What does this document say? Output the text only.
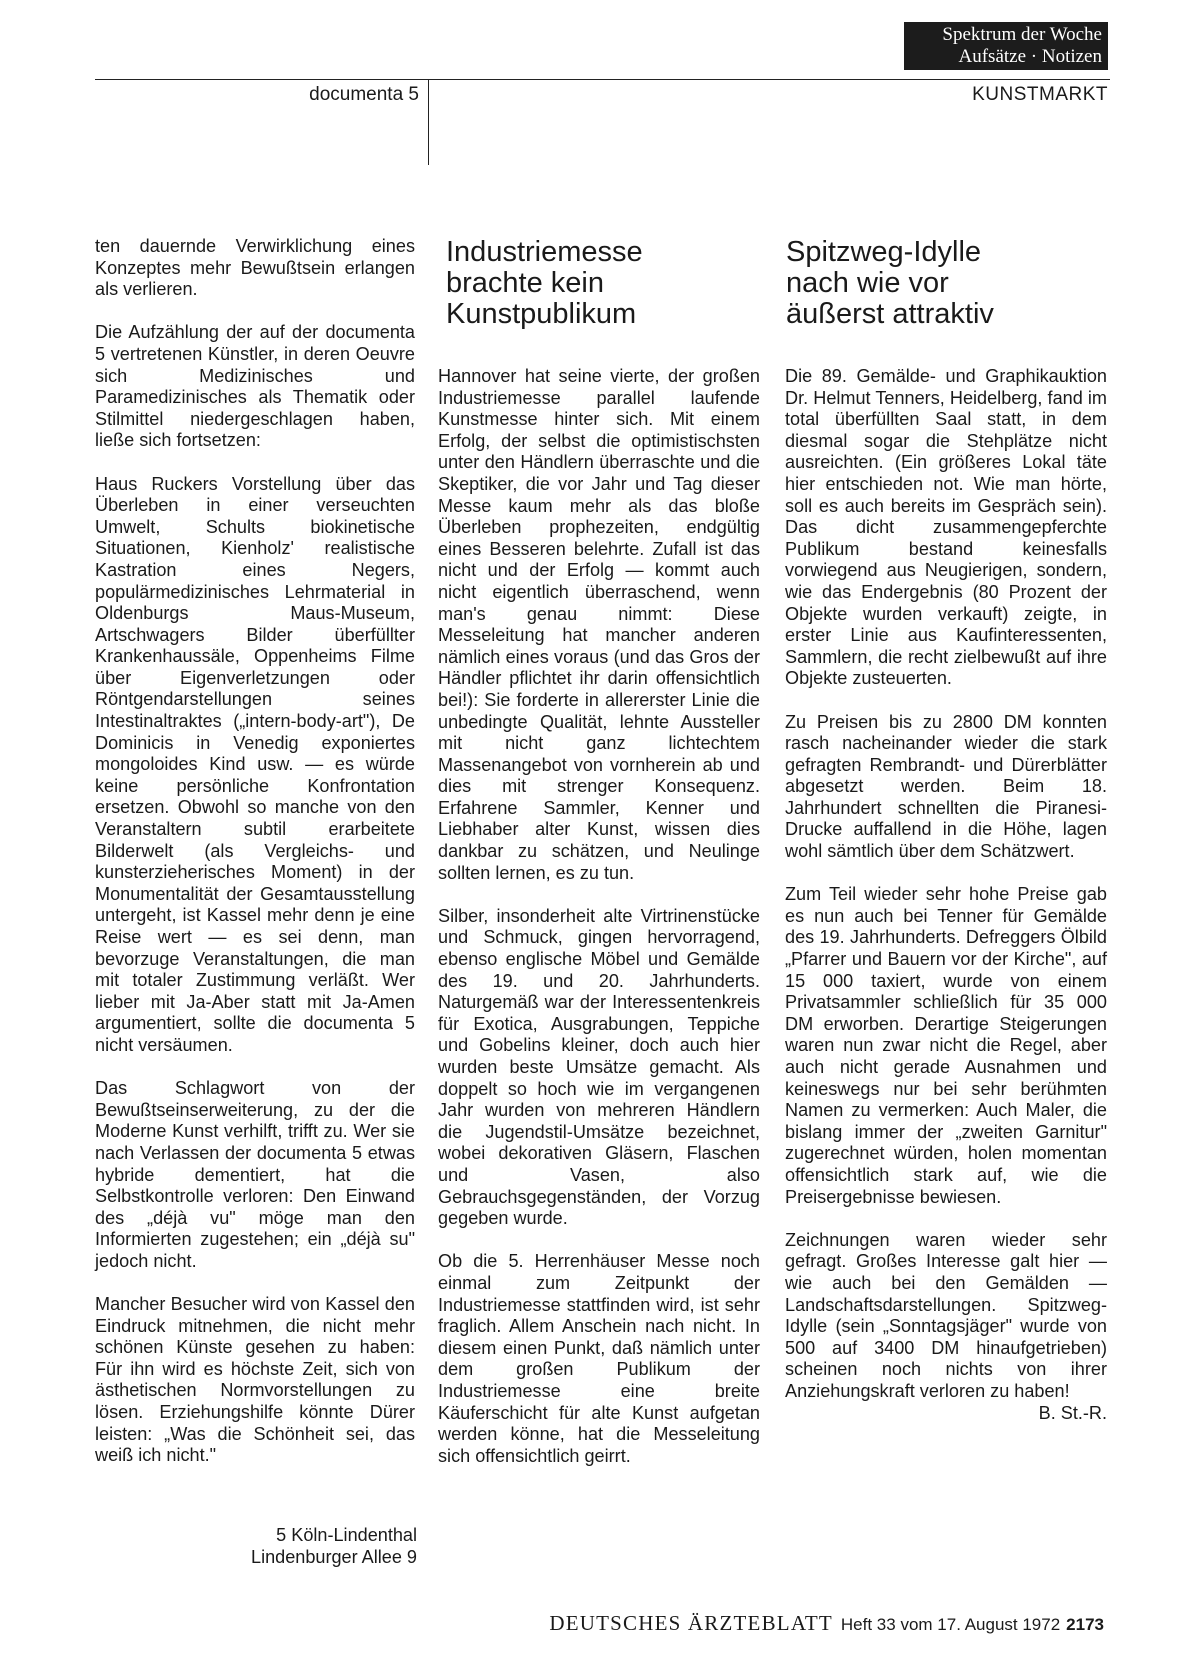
Spektrum der Woche
Aufsätze · Notizen
documenta 5	KUNSTMARKT

ten dauernde Verwirklichung eines Konzeptes mehr Bewußtsein erlangen als verlieren.

Die Aufzählung der auf der documenta 5 vertretenen Künstler, in deren Oeuvre sich Medizinisches und Paramedizinisches als Thematik oder Stilmittel niedergeschlagen haben, ließe sich fortsetzen:

Haus Ruckers Vorstellung über das Überleben in einer verseuchten Umwelt, Schults biokinetische Situationen, Kienholz' realistische Kastration eines Negers, populärmedizinisches Lehrmaterial in Oldenburgs Maus-Museum, Artschwagers Bilder überfüllter Krankenhaussäle, Oppenheims Filme über Eigenverletzungen oder Röntgendarstellungen seines Intestinaltraktes („intern-body-art"), De Dominicis in Venedig exponiertes mongoloides Kind usw. — es würde keine persönliche Konfrontation ersetzen. Obwohl so manche von den Veranstaltern subtil erarbeitete Bilderwelt (als Vergleichs- und kunsterzieherisches Moment) in der Monumentalität der Gesamtausstellung untergeht, ist Kassel mehr denn je eine Reise wert — es sei denn, man bevorzuge Veranstaltungen, die man mit totaler Zustimmung verläßt. Wer lieber mit Ja-Aber statt mit Ja-Amen argumentiert, sollte die documenta 5 nicht versäumen.

Das Schlagwort von der Bewußtseinserweiterung, zu der die Moderne Kunst verhilft, trifft zu. Wer sie nach Verlassen der documenta 5 etwas hybride dementiert, hat die Selbstkontrolle verloren: Den Einwand des „déjà vu" möge man den Informierten zugestehen; ein „déjà su" jedoch nicht.

Mancher Besucher wird von Kassel den Eindruck mitnehmen, die nicht mehr schönen Künste gesehen zu haben: Für ihn wird es höchste Zeit, sich von ästhetischen Normvorstellungen zu lösen. Erziehungshilfe könnte Dürer leisten: „Was die Schönheit sei, das weiß ich nicht."

5 Köln-Lindenthal
Lindenburger Allee 9
Industriemesse
brachte kein
Kunstpublikum

Hannover hat seine vierte, der großen Industriemesse parallel laufende Kunstmesse hinter sich. Mit einem Erfolg, der selbst die optimistischsten unter den Händlern überraschte und die Skeptiker, die vor Jahr und Tag dieser Messe kaum mehr als das bloße Überleben prophezeiten, endgültig eines Besseren belehrte. Zufall ist das nicht und der Erfolg — kommt auch nicht eigentlich überraschend, wenn man's genau nimmt: Diese Messeleitung hat mancher anderen nämlich eines voraus (und das Gros der Händler pflichtet ihr darin offensichtlich bei!): Sie forderte in allererster Linie die unbedingte Qualität, lehnte Aussteller mit nicht ganz lichtechtem Massenangebot von vornherein ab und dies mit strenger Konsequenz. Erfahrene Sammler, Kenner und Liebhaber alter Kunst, wissen dies dankbar zu schätzen, und Neulinge sollten lernen, es zu tun.

Silber, insonderheit alte Virtrinenstücke und Schmuck, gingen hervorragend, ebenso englische Möbel und Gemälde des 19. und 20. Jahrhunderts. Naturgemäß war der Interessentenkreis für Exotica, Ausgrabungen, Teppiche und Gobelins kleiner, doch auch hier wurden beste Umsätze gemacht. Als doppelt so hoch wie im vergangenen Jahr wurden von mehreren Händlern die Jugendstil-Umsätze bezeichnet, wobei dekorativen Gläsern, Flaschen und Vasen, also Gebrauchsgegenständen, der Vorzug gegeben wurde.

Ob die 5. Herrenhäuser Messe noch einmal zum Zeitpunkt der Industriemesse stattfinden wird, ist sehr fraglich. Allem Anschein nach nicht. In diesem einen Punkt, daß nämlich unter dem großen Publikum der Industriemesse eine breite Käuferschicht für alte Kunst aufgetan werden könne, hat die Messeleitung sich offensichtlich geirrt.

Spitzweg-Idylle
nach wie vor
äußerst attraktiv

Die 89. Gemälde- und Graphikauktion Dr. Helmut Tenners, Heidelberg, fand im total überfüllten Saal statt, in dem diesmal sogar die Stehplätze nicht ausreichten. (Ein größeres Lokal täte hier entschieden not. Wie man hörte, soll es auch bereits im Gespräch sein). Das dicht zusammengepferchte Publikum bestand keinesfalls vorwiegend aus Neugierigen, sondern, wie das Endergebnis (80 Prozent der Objekte wurden verkauft) zeigte, in erster Linie aus Kaufinteressenten, Sammlern, die recht zielbewußt auf ihre Objekte zusteuerten.

Zu Preisen bis zu 2800 DM konnten rasch nacheinander wieder die stark gefragten Rembrandt- und Dürerblätter abgesetzt werden. Beim 18. Jahrhundert schnellten die Piranesi-Drucke auffallend in die Höhe, lagen wohl sämtlich über dem Schätzwert.

Zum Teil wieder sehr hohe Preise gab es nun auch bei Tenner für Gemälde des 19. Jahrhunderts. Defreggers Ölbild „Pfarrer und Bauern vor der Kirche", auf 15 000 taxiert, wurde von einem Privatsammler schließlich für 35 000 DM erworben. Derartige Steigerungen waren nun zwar nicht die Regel, aber auch nicht gerade Ausnahmen und keineswegs nur bei sehr berühmten Namen zu vermerken: Auch Maler, die bislang immer der „zweiten Garnitur" zugerechnet würden, holen momentan offensichtlich stark auf, wie die Preisergebnisse bewiesen.

Zeichnungen waren wieder sehr gefragt. Großes Interesse galt hier — wie auch bei den Gemälden — Landschaftsdarstellungen. Spitzweg-Idylle (sein „Sonntagsjäger" wurde von 500 auf 3400 DM hinaufgetrieben) scheinen noch nichts von ihrer Anziehungskraft verloren zu haben!
B. St.-R.

DEUTSCHES ÄRZTEBLATT Heft 33 vom 17. August 1972 2173
